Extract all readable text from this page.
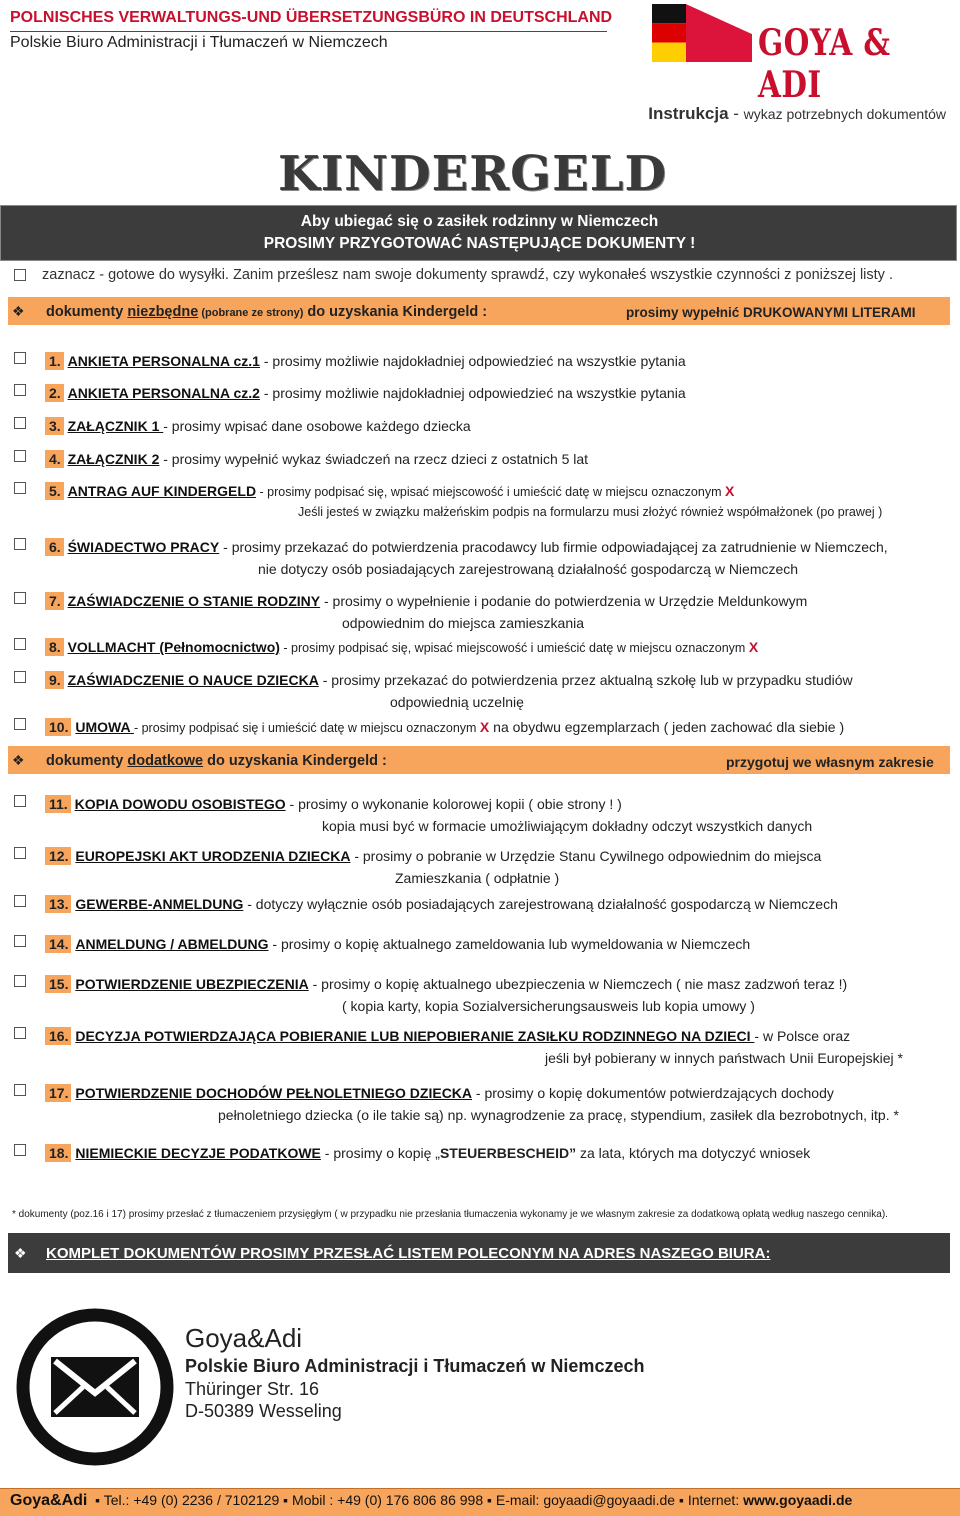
POLNISCHES VERWALTUNGS-UND ÜBERSETZUNGSBÜRO IN DEUTSCHLAND
Polskie Biuro Administracji i Tłumaczeń w Niemczech	GOYA & ADI
Instrukcja - wykaz potrzebnych dokumentów
KINDERGELD
Aby ubiegać się o zasiłek rodzinny w Niemczech
PROSIMY PRZYGOTOWAĆ NASTĘPUJĄCE DOKUMENTY !
zaznacz - gotowe do wysyłki. Zanim prześlesz nam swoje dokumenty sprawdź, czy wykonałeś wszystkie czynności z poniższej listy .
❖ dokumenty niezbędne (pobrane ze strony) do uzyskania Kindergeld :	prosimy wypełnić DRUKOWANYMI LITERAMI
1. ANKIETA PERSONALNA cz.1 - prosimy możliwie najdokładniej odpowiedzieć na wszystkie pytania
2. ANKIETA PERSONALNA cz.2 - prosimy możliwie najdokładniej odpowiedzieć na wszystkie pytania
3. ZAŁĄCZNIK 1 - prosimy wpisać dane osobowe każdego dziecka
4. ZAŁĄCZNIK 2 - prosimy wypełnić wykaz świadczeń na rzecz dzieci z ostatnich 5 lat
5. ANTRAG AUF KINDERGELD - prosimy podpisać się, wpisać miejscowość i umieścić datę w miejscu oznaczonym X
Jeśli jesteś w związku małżeńskim podpis na formularzu musi złożyć również współmałżonek (po prawej )
6. ŚWIADECTWO PRACY - prosimy przekazać do potwierdzenia pracodawcy lub firmie odpowiadającej za zatrudnienie w Niemczech,
nie dotyczy osób posiadających zarejestrowaną działalność gospodarczą w Niemczech
7. ZAŚWIADCZENIE O STANIE RODZINY - prosimy o wypełnienie i podanie do potwierdzenia w Urzędzie Meldunkowym
odpowiednim do miejsca zamieszkania
8. VOLLMACHT (Pełnomocnictwo) - prosimy podpisać się, wpisać miejscowość i umieścić datę w miejscu oznaczonym X
9. ZAŚWIADCZENIE O NAUCE DZIECKA - prosimy przekazać do potwierdzenia przez aktualną szkołę lub w przypadku studiów
odpowiednią uczelnię
10. UMOWA - prosimy podpisać się i umieścić datę w miejscu oznaczonym X na obydwu egzemplarzach ( jeden zachować dla siebie )
11. KOPIA DOWODU OSOBISTEGO - prosimy o wykonanie kolorowej kopii ( obie strony ! )
kopia musi być w formacie umożliwiającym dokładny odczyt wszystkich danych
12. EUROPEJSKI AKT URODZENIA DZIECKA - prosimy o pobranie w Urzędzie Stanu Cywilnego odpowiednim do miejsca
Zamieszkania ( odpłatnie )
13. GEWERBE-ANMELDUNG - dotyczy wyłącznie osób posiadających zarejestrowaną działalność gospodarczą w Niemczech
14. ANMELDUNG / ABMELDUNG - prosimy o kopię aktualnego zameldowania lub wymeldowania w Niemczech
15. POTWIERDZENIE UBEZPIECZENIA - prosimy o kopię aktualnego ubezpieczenia w Niemczech ( nie masz zadzwoń teraz !)
( kopia karty, kopia Sozialversicherungsausweis lub kopia umowy )
16. DECYZJA POTWIERDZAJĄCA POBIERANIE LUB NIEPOBIERANIE ZASIŁKU RODZINNEGO NA DZIECI - w Polsce oraz
jeśli był pobierany w innych państwach Unii Europejskiej *
17. POTWIERDZENIE DOCHODÓW PEŁNOLETNIEGO DZIECKA - prosimy o kopię dokumentów potwierdzających dochody
pełnoletniego dziecka (o ile takie są) np. wynagrodzenie za pracę, stypendium, zasiłek dla bezrobotnych, itp. *
18. NIEMIECKIE DECYZJE PODATKOWE - prosimy o kopię „STEUERBESCHEID” za lata, których ma dotyczyć wniosek
❖ dokumenty dodatkowe do uzyskania Kindergeld :	przygotuj we własnym zakresie
* dokumenty (poz.16 i 17) prosimy przesłać z tłumaczeniem przysięgłym ( w przypadku nie przesłania tłumaczenia wykonamy je we własnym zakresie za dodatkową opłatą według naszego cennika).
❖ KOMPLET DOKUMENTÓW PROSIMY PRZESŁAĆ LISTEM POLECONYM NA ADRES NASZEGO BIURA:
Goya&Adi
Polskie Biuro Administracji i Tłumaczeń w Niemczech
Thüringer Str. 16
D-50389 Wesseling
Goya&Adi ▪ Tel.: +49 (0) 2236 / 7102129 ▪ Mobil : +49 (0) 176 806 86 998 ▪ E-mail: goyaadi@goyaadi.de ▪ Internet: www.goyaadi.de
